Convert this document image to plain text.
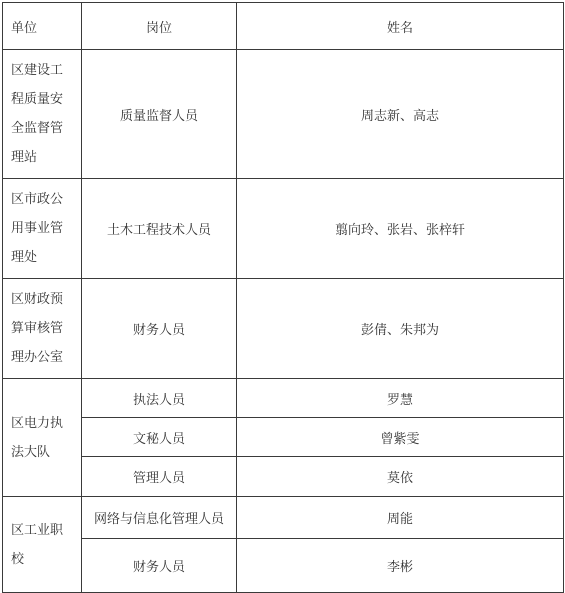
单位	岗位	姓名

区建设工程质量安全监督管理站	质量监督人员	周志新、高志

区市政公用事业管理处	土木工程技术人员	翦向玲、张岩、张梓轩

区财政预算审核管理办公室	财务人员	彭倩、朱邦为

区电力执法大队	执法人员	罗慧
	文秘人员	曾紫雯
	管理人员	莫依

区工业职校	网络与信息化管理人员	周能
	财务人员	李彬
